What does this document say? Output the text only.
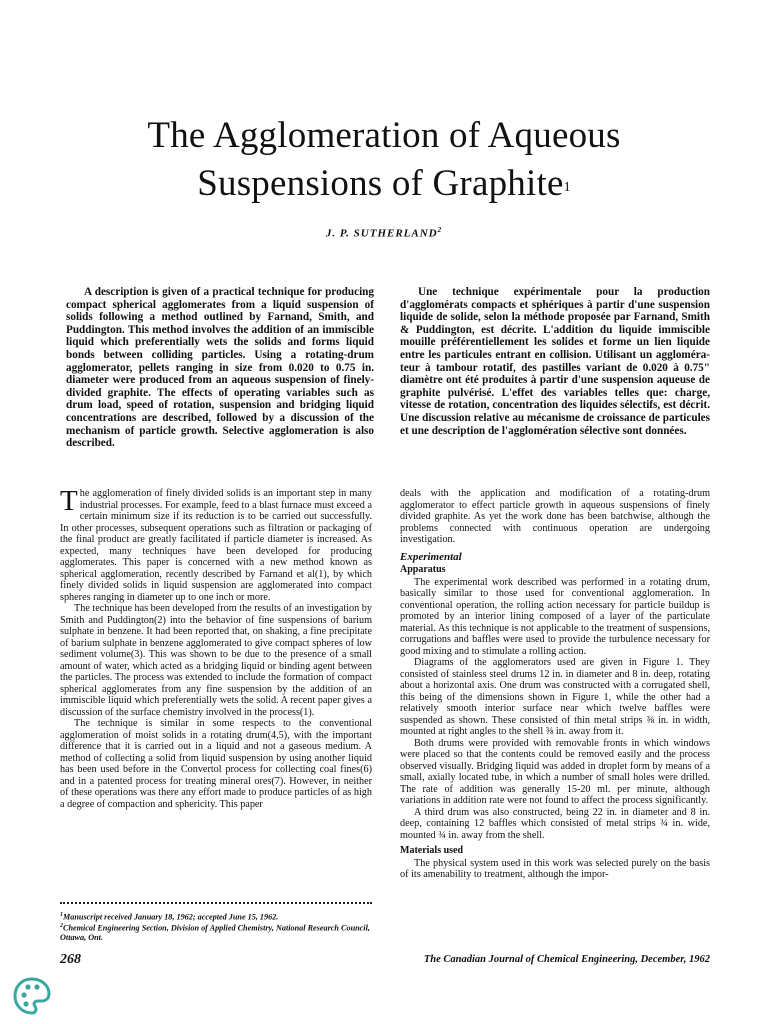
The Agglomeration of Aqueous
Suspensions of Graphite$^1$
J. P. SUTHERLAND$^2$

A description is given of a practical technique for producing compact spherical agglomerates from a liquid suspension of solids following a method outlined by Farnand, Smith, and Puddington. This method involves the addition of an immiscible liquid which preferentially wets the solids and forms liquid bonds between colliding particles. Using a rotating-drum agglomerator, pellets ranging in size from 0.020 to 0.75 in. diameter were produced from an aqueous suspension of finely-divided graphite. The effects of operating variables such as drum load, speed of rotation, suspension and bridging liquid concentrations are described, followed by a discussion of the mechanism of particle growth. Selective agglomeration is also described.

Une technique expérimentale pour la production d'agglomérats compacts et sphériques à partir d'une suspension liquide de solide, selon la méthode proposée par Farnand, Smith & Puddington, est décrite. L'addition du liquide immiscible mouille préférentiellement les solides et forme un lien liquide entre les particules entrant en collision. Utilisant un agglomérateur à tambour rotatif, des pastilles variant de 0.020 à 0.75" diamètre ont été produites à partir d'une suspension aqueuse de graphite pulvérisé. L'effet des variables telles que: charge, vitesse de rotation, concentration des liquides sélectifs, est décrit. Une discussion relative au mécanisme de croissance de particules et une description de l'agglomération sélective sont données.

The agglomeration of finely divided solids is an important step in many industrial processes. For example, feed to a blast furnace must exceed a certain minimum size if its reduction is to be carried out successfully. In other processes, subsequent operations such as filtration or packaging of the final product are greatly facilitated if particle diameter is increased. As expected, many techniques have been developed for producing agglomerates. This paper is concerned with a new method known as spherical agglomeration, recently described by Farnand et al(1), by which finely divided solids in liquid suspension are agglomerated into compact spheres ranging in diameter up to one inch or more.

The technique has been developed from the results of an investigation by Smith and Puddington(2) into the behavior of fine suspensions of barium sulphate in benzene. It had been reported that, on shaking, a fine precipitate of barium sulphate in benzene agglomerated to give compact spheres of low sediment volume(3). This was shown to be due to the presence of a small amount of water, which acted as a bridging liquid or binding agent between the particles. The process was extended to include the formation of compact spherical agglomerates from any fine suspension by the addition of an immiscible liquid which preferentially wets the solid. A recent paper gives a discussion of the surface chemistry involved in the process(1).

The technique is similar in some respects to the conventional agglomeration of moist solids in a rotating drum(4,5), with the important difference that it is carried out in a liquid and not a gaseous medium. A method of collecting a solid from liquid suspension by using another liquid has been used before in the Convertol process for collecting coal fines(6) and in a patented process for treating mineral ores(7). However, in neither of these operations was there any effort made to produce particles of as high a degree of compaction and sphericity. This paper

deals with the application and modification of a rotating-drum agglomerator to effect particle growth in aqueous suspensions of finely divided graphite. As yet the work done has been batchwise, although the problems connected with continuous operation are undergoing investigation.

Experimental
Apparatus

The experimental work described was performed in a rotating drum, basically similar to those used for conventional agglomeration. In conventional operation, the rolling action necessary for particle buildup is promoted by an interior lining composed of a layer of the particulate material. As this technique is not applicable to the treatment of suspensions, corrugations and baffles were used to provide the turbulence necessary for good mixing and to stimulate a rolling action.

Diagrams of the agglomerators used are given in Figure 1. They consisted of stainless steel drums 12 in. in diameter and 8 in. deep, rotating about a horizontal axis. One drum was constructed with a corrugated shell, this being of the dimensions shown in Figure 1, while the other had a relatively smooth interior surface near which twelve baffles were suspended as shown. These consisted of thin metal strips ⅜ in. in width, mounted at right angles to the shell ⅜ in. away from it.

Both drums were provided with removable fronts in which windows were placed so that the contents could be removed easily and the process observed visually. Bridging liquid was added in droplet form by means of a small, axially located tube, in which a number of small holes were drilled. The rate of addition was generally 15-20 ml. per minute, although variations in addition rate were not found to affect the process significantly.

A third drum was also constructed, being 22 in. in diameter and 8 in. deep, containing 12 baffles which consisted of metal strips ¾ in. wide, mounted ¾ in. away from the shell.

Materials used

The physical system used in this work was selected purely on the basis of its amenability to treatment, although the impor-

$^1$Manuscript received January 18, 1962; accepted June 15, 1962.
$^2$Chemical Engineering Section, Division of Applied Chemistry, National Research Council, Ottawa, Ont.
268	The Canadian Journal of Chemical Engineering, December, 1962
